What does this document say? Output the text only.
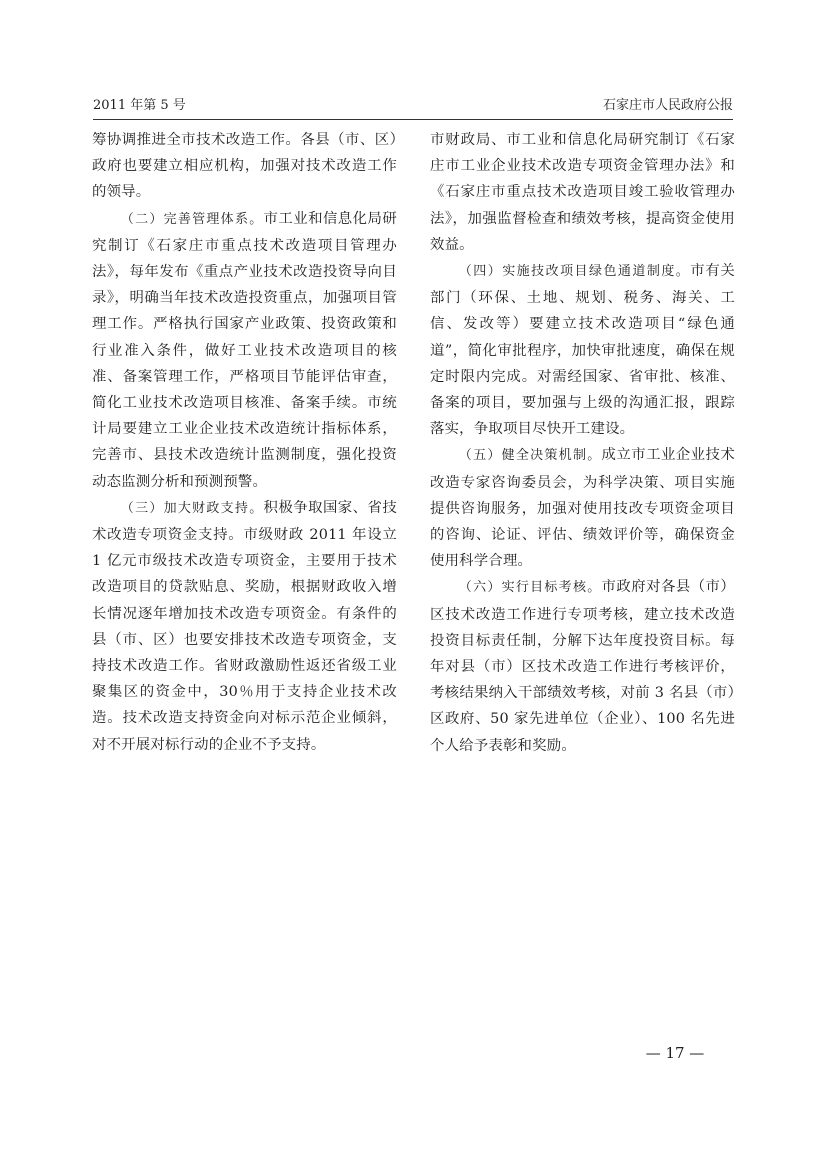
2011 年第 5 号	石家庄市人民政府公报

筹协调推进全市技术改造工作。各县（市、区）政府也要建立相应机构，加强对技术改造工作的领导。

（二）完善管理体系。市工业和信息化局研究制订《石家庄市重点技术改造项目管理办法》，每年发布《重点产业技术改造投资导向目录》，明确当年技术改造投资重点，加强项目管理工作。严格执行国家产业政策、投资政策和行业准入条件，做好工业技术改造项目的核准、备案管理工作，严格项目节能评估审查，简化工业技术改造项目核准、备案手续。市统计局要建立工业企业技术改造统计指标体系，完善市、县技术改造统计监测制度，强化投资动态监测分析和预测预警。

（三）加大财政支持。积极争取国家、省技术改造专项资金支持。市级财政 2011 年设立 1 亿元市级技术改造专项资金，主要用于技术改造项目的贷款贴息、奖励，根据财政收入增长情况逐年增加技术改造专项资金。有条件的县（市、区）也要安排技术改造专项资金，支持技术改造工作。省财政激励性返还省级工业聚集区的资金中，30％用于支持企业技术改造。技术改造支持资金向对标示范企业倾斜，对不开展对标行动的企业不予支持。

市财政局、市工业和信息化局研究制订《石家庄市工业企业技术改造专项资金管理办法》和《石家庄市重点技术改造项目竣工验收管理办法》，加强监督检查和绩效考核，提高资金使用效益。

（四）实施技改项目绿色通道制度。市有关部门（环保、土地、规划、税务、海关、工信、发改等）要建立技术改造项目“绿色通道”，简化审批程序，加快审批速度，确保在规定时限内完成。对需经国家、省审批、核准、备案的项目，要加强与上级的沟通汇报，跟踪落实，争取项目尽快开工建设。

（五）健全决策机制。成立市工业企业技术改造专家咨询委员会，为科学决策、项目实施提供咨询服务，加强对使用技改专项资金项目的咨询、论证、评估、绩效评价等，确保资金使用科学合理。

（六）实行目标考核。市政府对各县（市）区技术改造工作进行专项考核，建立技术改造投资目标责任制，分解下达年度投资目标。每年对县（市）区技术改造工作进行考核评价，考核结果纳入干部绩效考核，对前 3 名县（市）区政府、50 家先进单位（企业）、100 名先进个人给予表彰和奖励。

— 17 —
